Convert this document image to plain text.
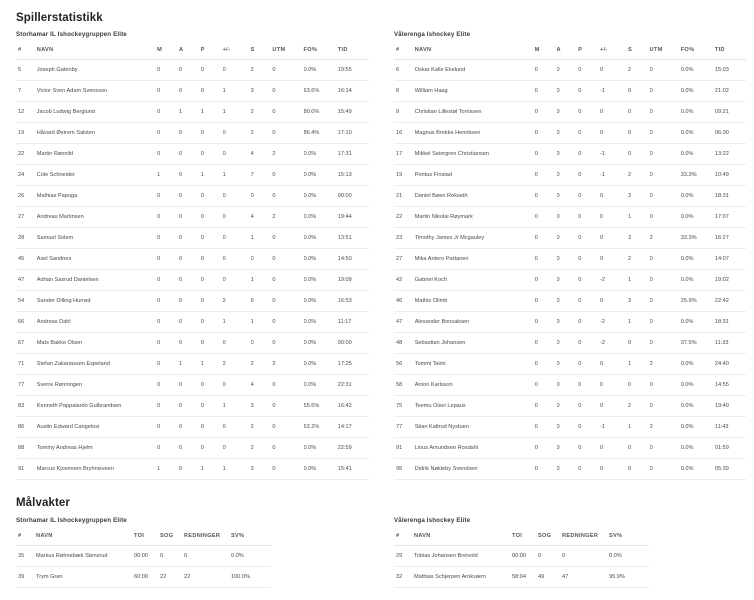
Spillerstatistikk
Storhamar IL Ishockeygruppen Elite
#	NAVN	M	A	P	+/-	S	UTM	FO%	TID
5	Joseph Gatenby	0	0	0	0	2	0	0.0%	19:55
7	Victor Sven Adam Svensson	0	0	0	1	3	0	63.6%	16:14
12	Jacob Ludwig Berglund	0	1	1	1	2	0	80.0%	15:49
19	Håvard Østrem Salsten	0	0	0	0	2	0	86.4%	17:10
22	Martin Rønnild	0	0	0	0	4	2	0.0%	17:31
24	Cole Schneider	1	0	1	1	7	0	0.0%	15:13
26	Mathias Papuga	0	0	0	0	0	0	0.0%	00:00
27	Andreas Martinsen	0	0	0	0	4	2	0.0%	19:44
28	Samuel Solem	0	0	0	0	1	0	0.0%	13:51
45	Axel Sandnes	0	0	0	0	0	0	0.0%	14:50
47	Adrian Saxrud Danielsen	0	0	0	0	1	0	0.0%	19:09
54	Sander Dilling Hurrød	0	0	0	2	6	0	0.0%	16:53
66	Andreas Dahl	0	0	0	1	1	0	0.0%	11:17
67	Mats Bakke Olsen	0	0	0	0	0	0	0.0%	00:00
71	Stefan Zakariassen Espeland	0	1	1	2	2	2	0.0%	17:25
77	Sverre Rønningen	0	0	0	0	4	0	0.0%	22:31
83	Kenneth Pappalardo Gulbrandsen	0	0	0	1	3	0	55.6%	16:42
86	Austin Edward Cangelosi	0	0	0	0	2	0	63.2%	14:17
88	Tommy Andreas Hjelm	0	0	0	0	2	0	0.0%	22:59
91	Marcus Kjosmoen Bryhnisveen	1	0	1	1	3	0	0.0%	15:41
Vålerenga Ishockey Elite
#	NAVN	M	A	P	+/-	S	UTM	FO%	TID
6	Oskar Kalle Ekelund	0	0	0	0	2	0	0.0%	15:03
8	William Haag	0	0	0	-1	0	0	0.0%	21:02
9	Christian Lillestøl Torrissen	0	0	0	0	0	0	0.0%	09:21
16	Magnus Brekke Henriksen	0	0	0	0	0	0	0.0%	06:30
17	Mikkel Seiergren Christiansen	0	0	0	-1	0	0	0.0%	13:22
19	Pontus Finstad	0	0	0	-1	2	0	33.3%	10:49
21	Daniel Bøen Rokseth	0	0	0	0	3	0	0.0%	18:31
22	Martin Nikolai Røymark	0	0	0	0	1	0	0.0%	17:07
23	Timothy James Jr Mcgauley	0	0	0	0	3	2	33.3%	16:27
27	Mika Antero Partanen	0	0	0	0	2	0	0.0%	14:07
42	Gabriel Koch	0	0	0	-2	1	0	0.0%	19:02
46	Mathis Olimb	0	0	0	0	3	0	25.9%	22:42
47	Alexander Bonsaksen	0	0	0	-2	1	0	0.0%	18:31
48	Sebastian Johansen	0	0	0	-2	0	0	37.5%	11:33
56	Tommi Taimi	0	0	0	0	1	2	0.0%	24:40
58	Anton Karlsson	0	0	0	0	0	0	0.0%	14:55
75	Teemu Olavi Lepaus	0	0	0	0	2	0	0.0%	19:40
77	Stian Kaltrud Nystuen	0	0	0	-1	1	2	0.0%	11:43
91	Linus Amundsen Rosdahl	0	0	0	0	0	0	0.0%	01:59
95	Didrik Nøkleby Svendsen	0	0	0	0	0	0	0.0%	05:39
Målvakter
Storhamar IL Ishockeygruppen Elite
#	NAVN	TOI	SOG	REDNINGER	SV%
35	Markus Røhnebæk Stensrud	00:00	0	0	0.0%
39	Trym Gran	60:00	22	22	100.0%
Vålerenga Ishockey Elite
#	NAVN	TOI	SOG	REDNINGER	SV%
29	Tobias Johansen Breivold	00:00	0	0	0.0%
32	Mathias Schjerpen Arnkværn	58:04	49	47	95.9%
